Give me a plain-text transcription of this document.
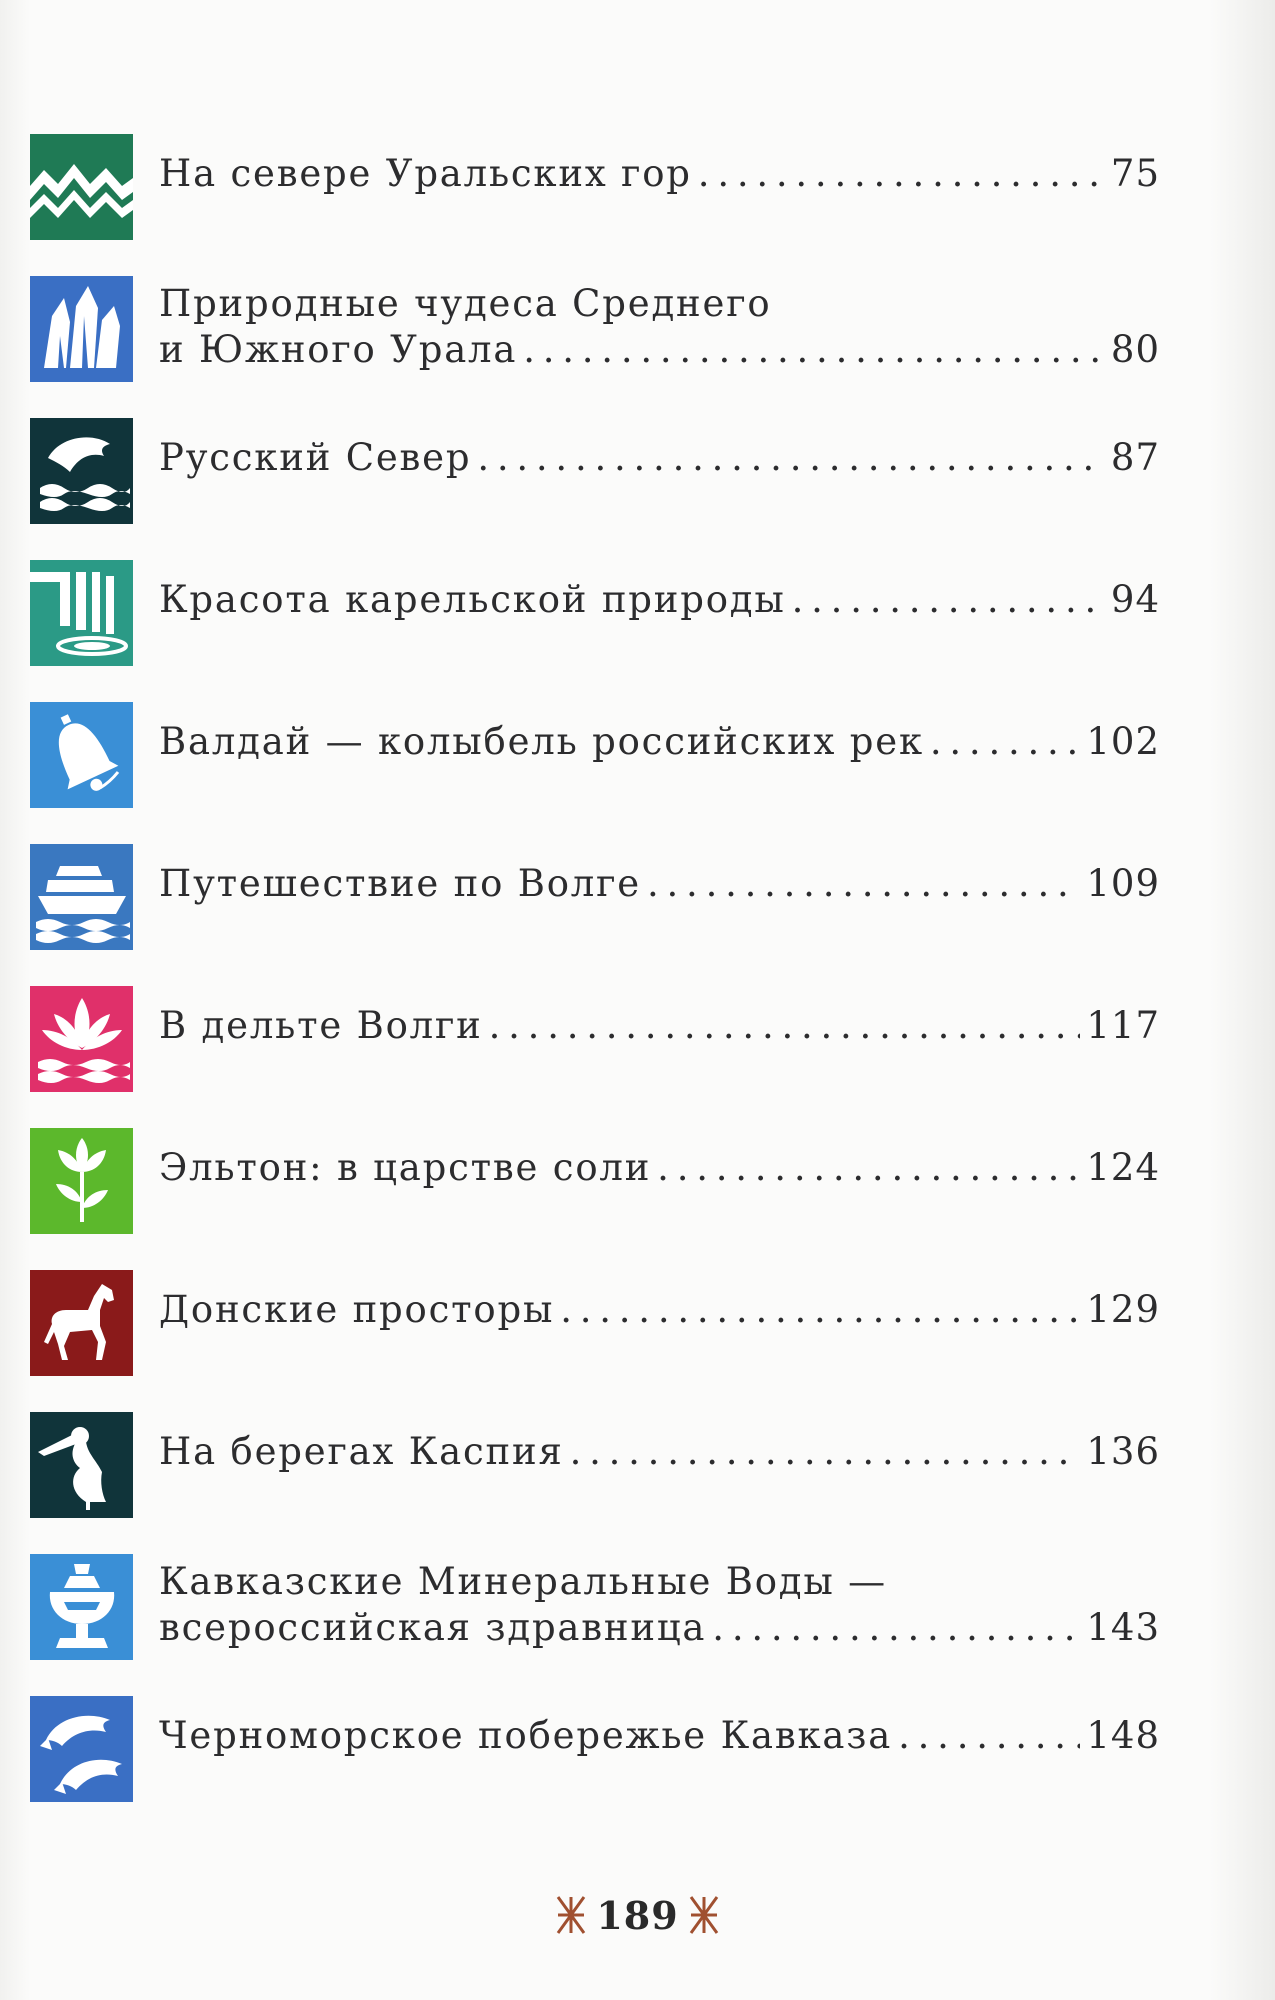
На севере Уральских гор . . .	75
Природные чудеса Среднего
и Южного Урала . . .	80
Русский Север . . .	87
Красота карельской природы . . .	94
Валдай — колыбель российских рек . . .	102
Путешествие по Волге . . .	109
В дельте Волги . . .	117
Эльтон: в царстве соли . . .	124
Донские просторы . . .	129
На берегах Каспия . . .	136
Кавказские Минеральные Воды —
всероссийская здравница . . .	143
Черноморское побережье Кавказа . . .	148
189
